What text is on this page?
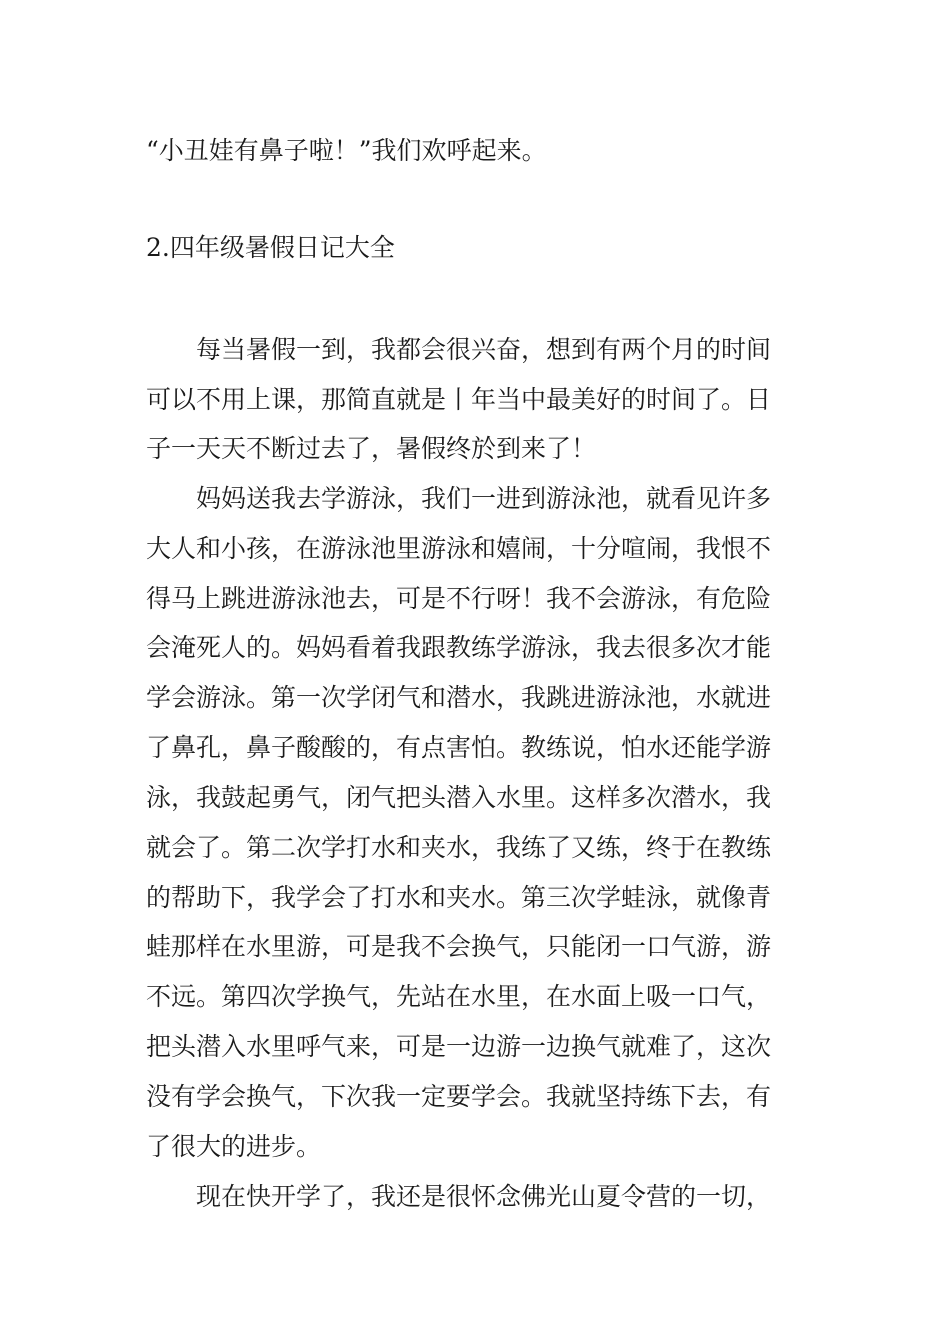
“小丑娃有鼻子啦！”我们欢呼起来。
2.四年级暑假日记大全
每当暑假一到，我都会很兴奋，想到有两个月的时间
可以不用上课，那简直就是丨年当中最美好的时间了。日
子一天天不断过去了，暑假终於到来了！
妈妈送我去学游泳，我们一进到游泳池，就看见许多
大人和小孩，在游泳池里游泳和嬉闹，十分喧闹，我恨不
得马上跳进游泳池去，可是不行呀！我不会游泳，有危险
会淹死人的。妈妈看着我跟教练学游泳，我去很多次才能
学会游泳。第一次学闭气和潜水，我跳进游泳池，水就进
了鼻孔，鼻子酸酸的，有点害怕。教练说，怕水还能学游
泳，我鼓起勇气，闭气把头潜入水里。这样多次潜水，我
就会了。第二次学打水和夹水，我练了又练，终于在教练
的帮助下，我学会了打水和夹水。第三次学蛙泳，就像青
蛙那样在水里游，可是我不会换气，只能闭一口气游，游
不远。第四次学换气，先站在水里，在水面上吸一口气，
把头潜入水里呼气来，可是一边游一边换气就难了，这次
没有学会换气，下次我一定要学会。我就坚持练下去，有
了很大的进步。
现在快开学了，我还是很怀念佛光山夏令营的一切，
